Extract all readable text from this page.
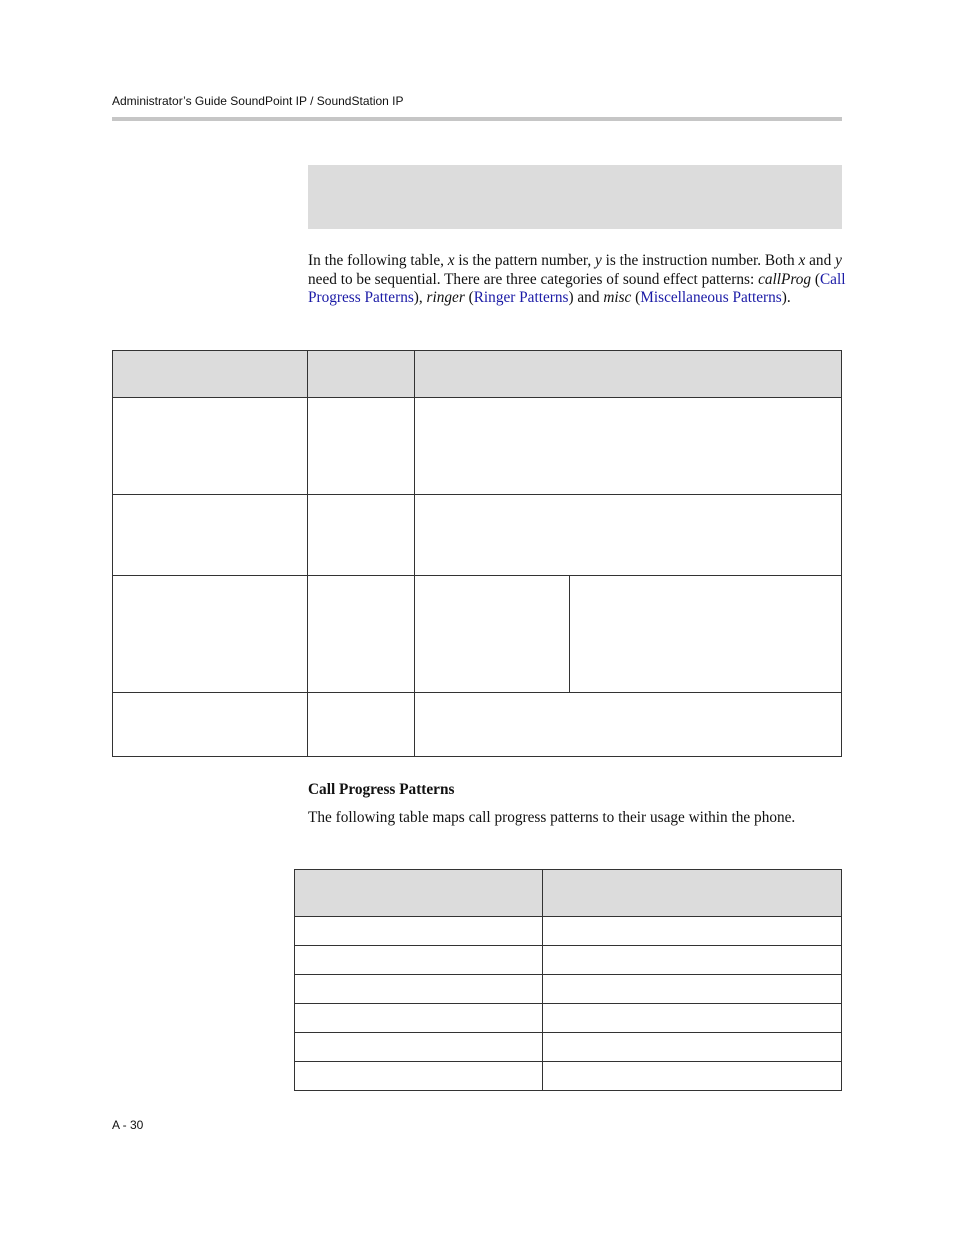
Administrator’s Guide SoundPoint IP / SoundStation IP
In the following table, x is the pattern number, y is the instruction number. Both x and y need to be sequential. There are three categories of sound effect patterns: callProg (Call Progress Patterns), ringer (Ringer Patterns) and misc (Miscellaneous Patterns).

Call Progress Patterns
The following table maps call progress patterns to their usage within the phone.

A - 30
